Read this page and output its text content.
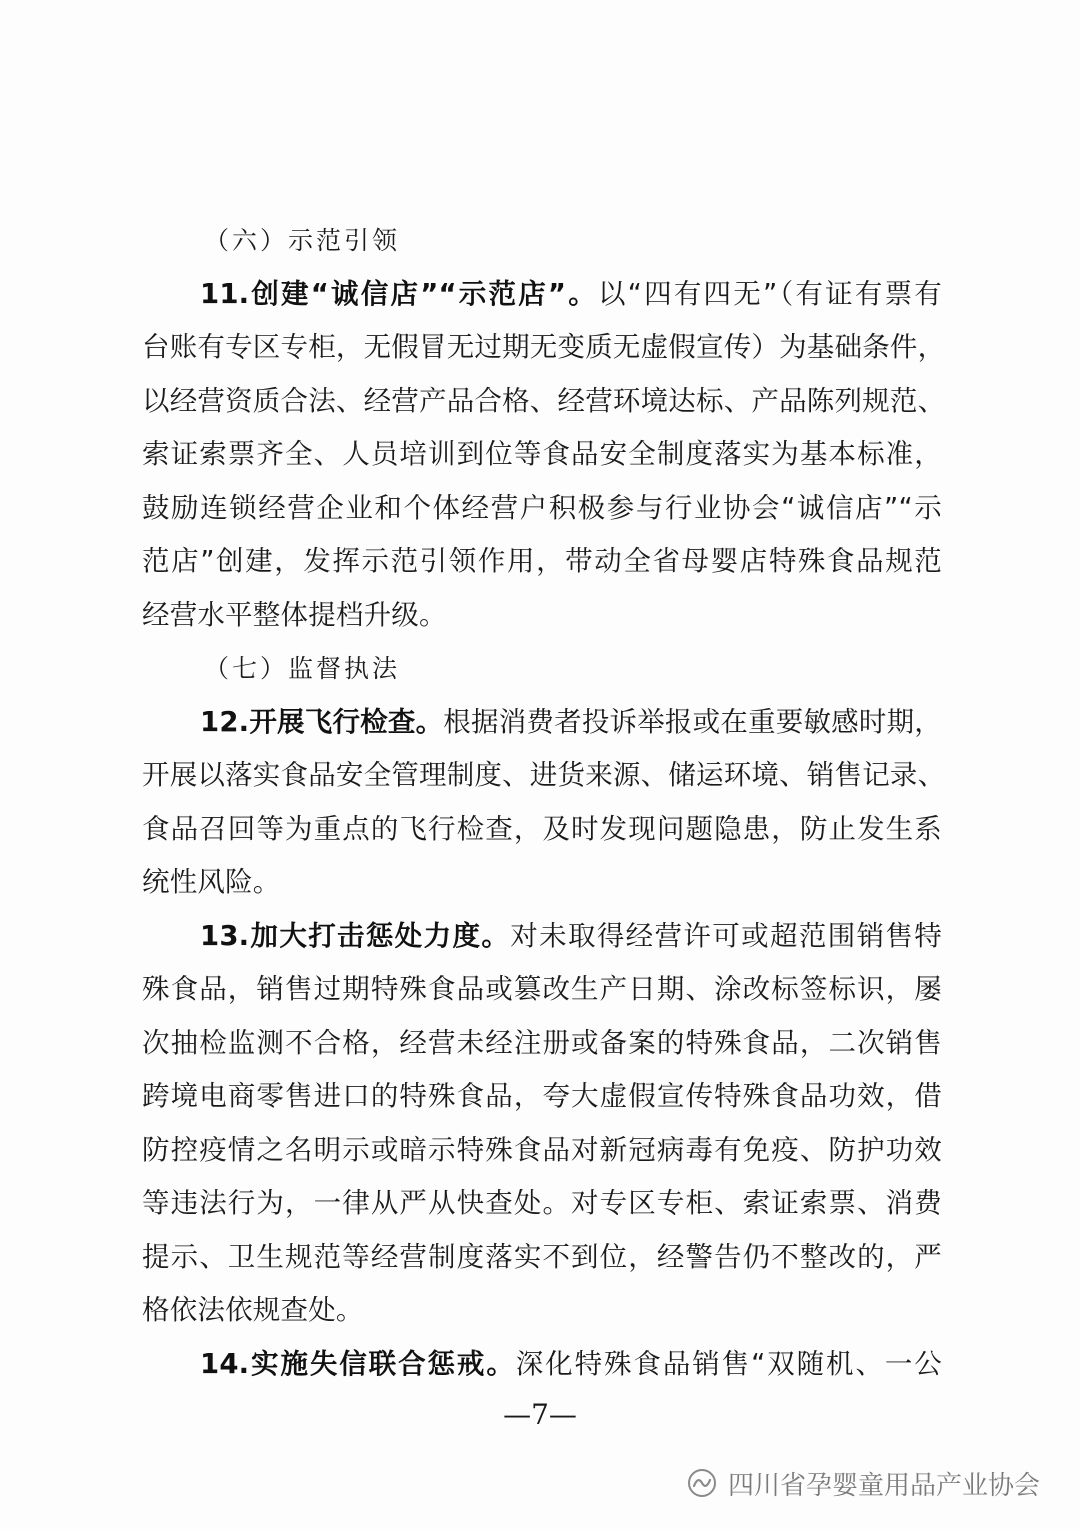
（六）示范引领
11.创建“诚信店”“示范店”。以“四有四无”（有证有票有
台账有专区专柜，无假冒无过期无变质无虚假宣传）为基础条件，
以经营资质合法、经营产品合格、经营环境达标、产品陈列规范、
索证索票齐全、人员培训到位等食品安全制度落实为基本标准，
鼓励连锁经营企业和个体经营户积极参与行业协会“诚信店”“示
范店”创建，发挥示范引领作用，带动全省母婴店特殊食品规范
经营水平整体提档升级。
（七）监督执法
12.开展飞行检查。根据消费者投诉举报或在重要敏感时期，
开展以落实食品安全管理制度、进货来源、储运环境、销售记录、
食品召回等为重点的飞行检查，及时发现问题隐患，防止发生系
统性风险。
13.加大打击惩处力度。对未取得经营许可或超范围销售特
殊食品，销售过期特殊食品或篡改生产日期、涂改标签标识，屡
次抽检监测不合格，经营未经注册或备案的特殊食品，二次销售
跨境电商零售进口的特殊食品，夸大虚假宣传特殊食品功效，借
防控疫情之名明示或暗示特殊食品对新冠病毒有免疫、防护功效
等违法行为，一律从严从快查处。对专区专柜、索证索票、消费
提示、卫生规范等经营制度落实不到位，经警告仍不整改的，严
格依法依规查处。
14.实施失信联合惩戒。深化特殊食品销售“双随机、一公
—7—
四川省孕婴童用品产业协会
